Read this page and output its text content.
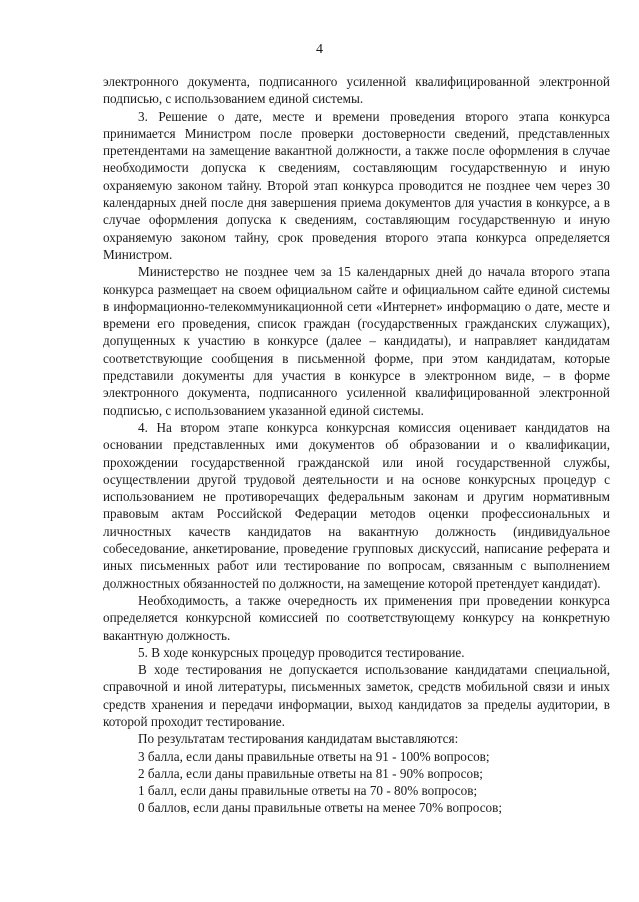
4

электронного документа, подписанного усиленной квалифицированной электронной подписью, с использованием единой системы.

3. Решение о дате, месте и времени проведения второго этапа конкурса принимается Министром после проверки достоверности сведений, представленных претендентами на замещение вакантной должности, а также после оформления в случае необходимости допуска к сведениям, составляющим государственную и иную охраняемую законом тайну. Второй этап конкурса проводится не позднее чем через 30 календарных дней после дня завершения приема документов для участия в конкурсе, а в случае оформления допуска к сведениям, составляющим государственную и иную охраняемую законом тайну, срок проведения второго этапа конкурса определяется Министром.

Министерство не позднее чем за 15 календарных дней до начала второго этапа конкурса размещает на своем официальном сайте и официальном сайте единой системы в информационно-телекоммуникационной сети «Интернет» информацию о дате, месте и времени его проведения, список граждан (государственных гражданских служащих), допущенных к участию в конкурсе (далее – кандидаты), и направляет кандидатам соответствующие сообщения в письменной форме, при этом кандидатам, которые представили документы для участия в конкурсе в электронном виде, – в форме электронного документа, подписанного усиленной квалифицированной электронной подписью, с использованием указанной единой системы.

4. На втором этапе конкурса конкурсная комиссия оценивает кандидатов на основании представленных ими документов об образовании и о квалификации, прохождении государственной гражданской или иной государственной службы, осуществлении другой трудовой деятельности и на основе конкурсных процедур с использованием не противоречащих федеральным законам и другим нормативным правовым актам Российской Федерации методов оценки профессиональных и личностных качеств кандидатов на вакантную должность (индивидуальное собеседование, анкетирование, проведение групповых дискуссий, написание реферата и иных письменных работ или тестирование по вопросам, связанным с выполнением должностных обязанностей по должности, на замещение которой претендует кандидат).

Необходимость, а также очередность их применения при проведении конкурса определяется конкурсной комиссией по соответствующему конкурсу на конкретную вакантную должность.

5. В ходе конкурсных процедур проводится тестирование.

В ходе тестирования не допускается использование кандидатами специальной, справочной и иной литературы, письменных заметок, средств мобильной связи и иных средств хранения и передачи информации, выход кандидатов за пределы аудитории, в которой проходит тестирование.

По результатам тестирования кандидатам выставляются:

3 балла, если даны правильные ответы на 91 - 100% вопросов;

2 балла, если даны правильные ответы на 81 - 90% вопросов;

1 балл, если даны правильные ответы на 70 - 80% вопросов;

0 баллов, если даны правильные ответы на менее 70% вопросов;
